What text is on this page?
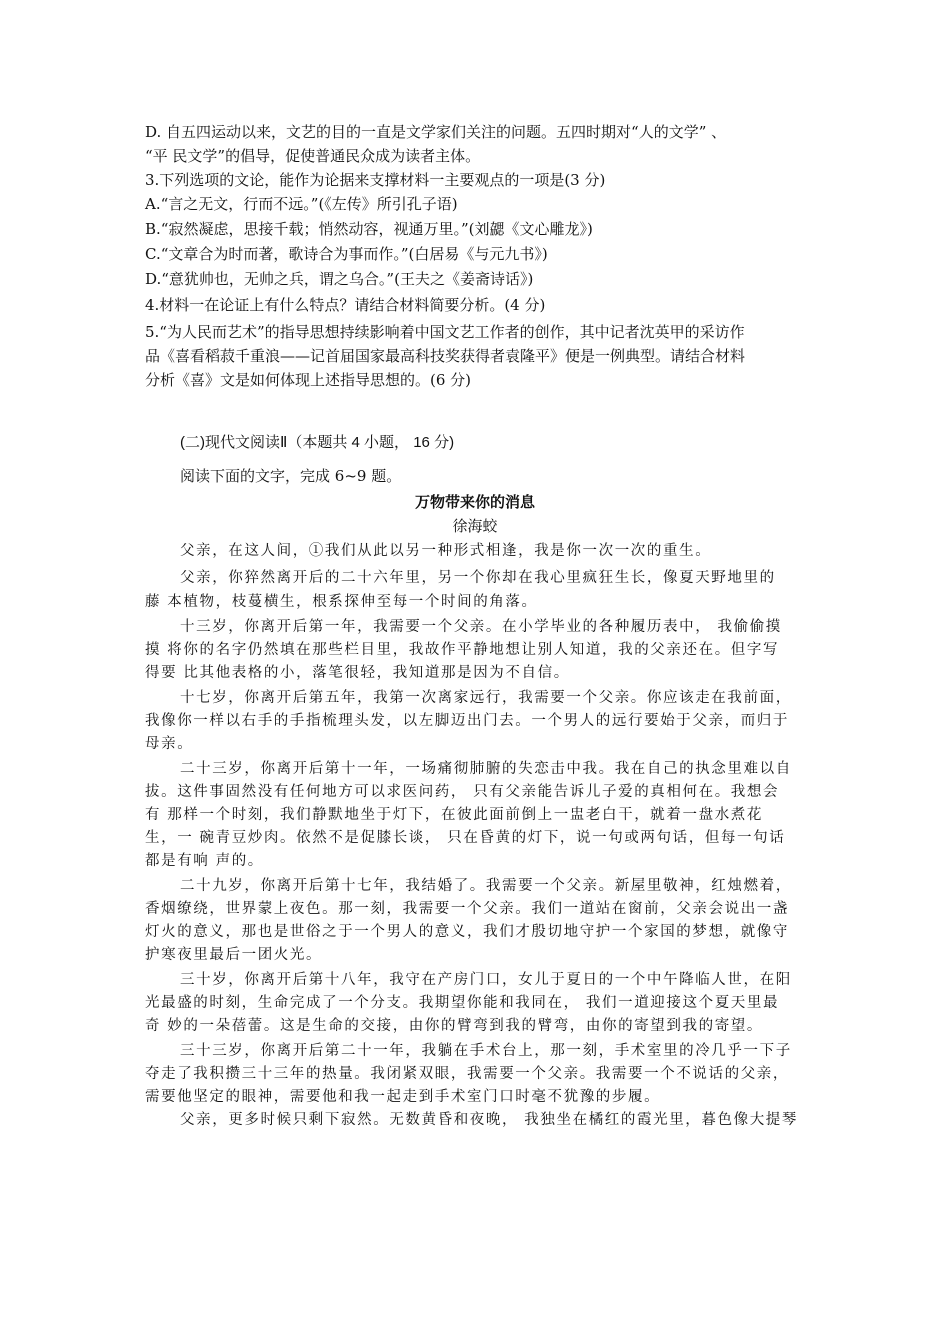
D. 自五四运动以来，文艺的目的一直是文学家们关注的问题。五四时期对“人的文学” 、
“平 民文学”的倡导，促使普通民众成为读者主体。
3.下列选项的文论，能作为论据来支撑材料一主要观点的一项是(3 分)
A.“言之无文，行而不远。”(《左传》所引孔子语)
B.“寂然凝虑，思接千载；悄然动容，视通万里。”(刘勰《文心雕龙》)
C.“文章合为时而著，歌诗合为事而作。”(白居易《与元九书》)
D.“意犹帅也，无帅之兵，谓之乌合。”(王夫之《姜斋诗话》)
4.材料一在论证上有什么特点？请结合材料简要分析。(4 分)
5.“为人民而艺术”的指导思想持续影响着中国文艺工作者的创作，其中记者沈英甲的采访作
品《喜看稻菽千重浪——记首届国家最高科技奖获得者袁隆平》便是一例典型。请结合材料
分析《喜》文是如何体现上述指导思想的。(6 分)
(二)现代文阅读Ⅱ（本题共 4 小题， 16 分)
阅读下面的文字，完成 6~9 题。
万物带来你的消息
徐海蛟
父亲，在这人间，①我们从此以另一种形式相逢，我是你一次一次的重生。
父亲，你猝然离开后的二十六年里，另一个你却在我心里疯狂生长，像夏天野地里的
藤 本植物，枝蔓横生，根系探伸至每一个时间的角落。
十三岁，你离开后第一年，我需要一个父亲。在小学毕业的各种履历表中， 我偷偷摸
摸 将你的名字仍然填在那些栏目里，我故作平静地想让别人知道，我的父亲还在。但字写
得要 比其他表格的小，落笔很轻，我知道那是因为不自信。
十七岁，你离开后第五年，我第一次离家远行，我需要一个父亲。你应该走在我前面，
我像你一样以右手的手指梳理头发，以左脚迈出门去。一个男人的远行要始于父亲，而归于
母亲。
二十三岁，你离开后第十一年，一场痛彻肺腑的失恋击中我。我在自己的执念里难以自
拔。这件事固然没有任何地方可以求医问药， 只有父亲能告诉儿子爱的真相何在。我想会
有 那样一个时刻，我们静默地坐于灯下，在彼此面前倒上一盅老白干，就着一盘水煮花
生，一 碗青豆炒肉。依然不是促膝长谈， 只在昏黄的灯下，说一句或两句话，但每一句话
都是有响 声的。
二十九岁，你离开后第十七年，我结婚了。我需要一个父亲。新屋里敬神，红烛燃着，
香烟缭绕，世界蒙上夜色。那一刻，我需要一个父亲。我们一道站在窗前，父亲会说出一盏
灯火的意义，那也是世俗之于一个男人的意义，我们才殷切地守护一个家国的梦想，就像守
护寒夜里最后一团火光。
三十岁，你离开后第十八年，我守在产房门口，女儿于夏日的一个中午降临人世，在阳
光最盛的时刻，生命完成了一个分支。我期望你能和我同在， 我们一道迎接这个夏天里最
奇 妙的一朵蓓蕾。这是生命的交接，由你的臂弯到我的臂弯，由你的寄望到我的寄望。
三十三岁，你离开后第二十一年，我躺在手术台上，那一刻，手术室里的冷几乎一下子
夺走了我积攒三十三年的热量。我闭紧双眼，我需要一个父亲。我需要一个不说话的父亲，
需要他坚定的眼神，需要他和我一起走到手术室门口时毫不犹豫的步履。
父亲，更多时候只剩下寂然。无数黄昏和夜晚， 我独坐在橘红的霞光里，暮色像大提琴
